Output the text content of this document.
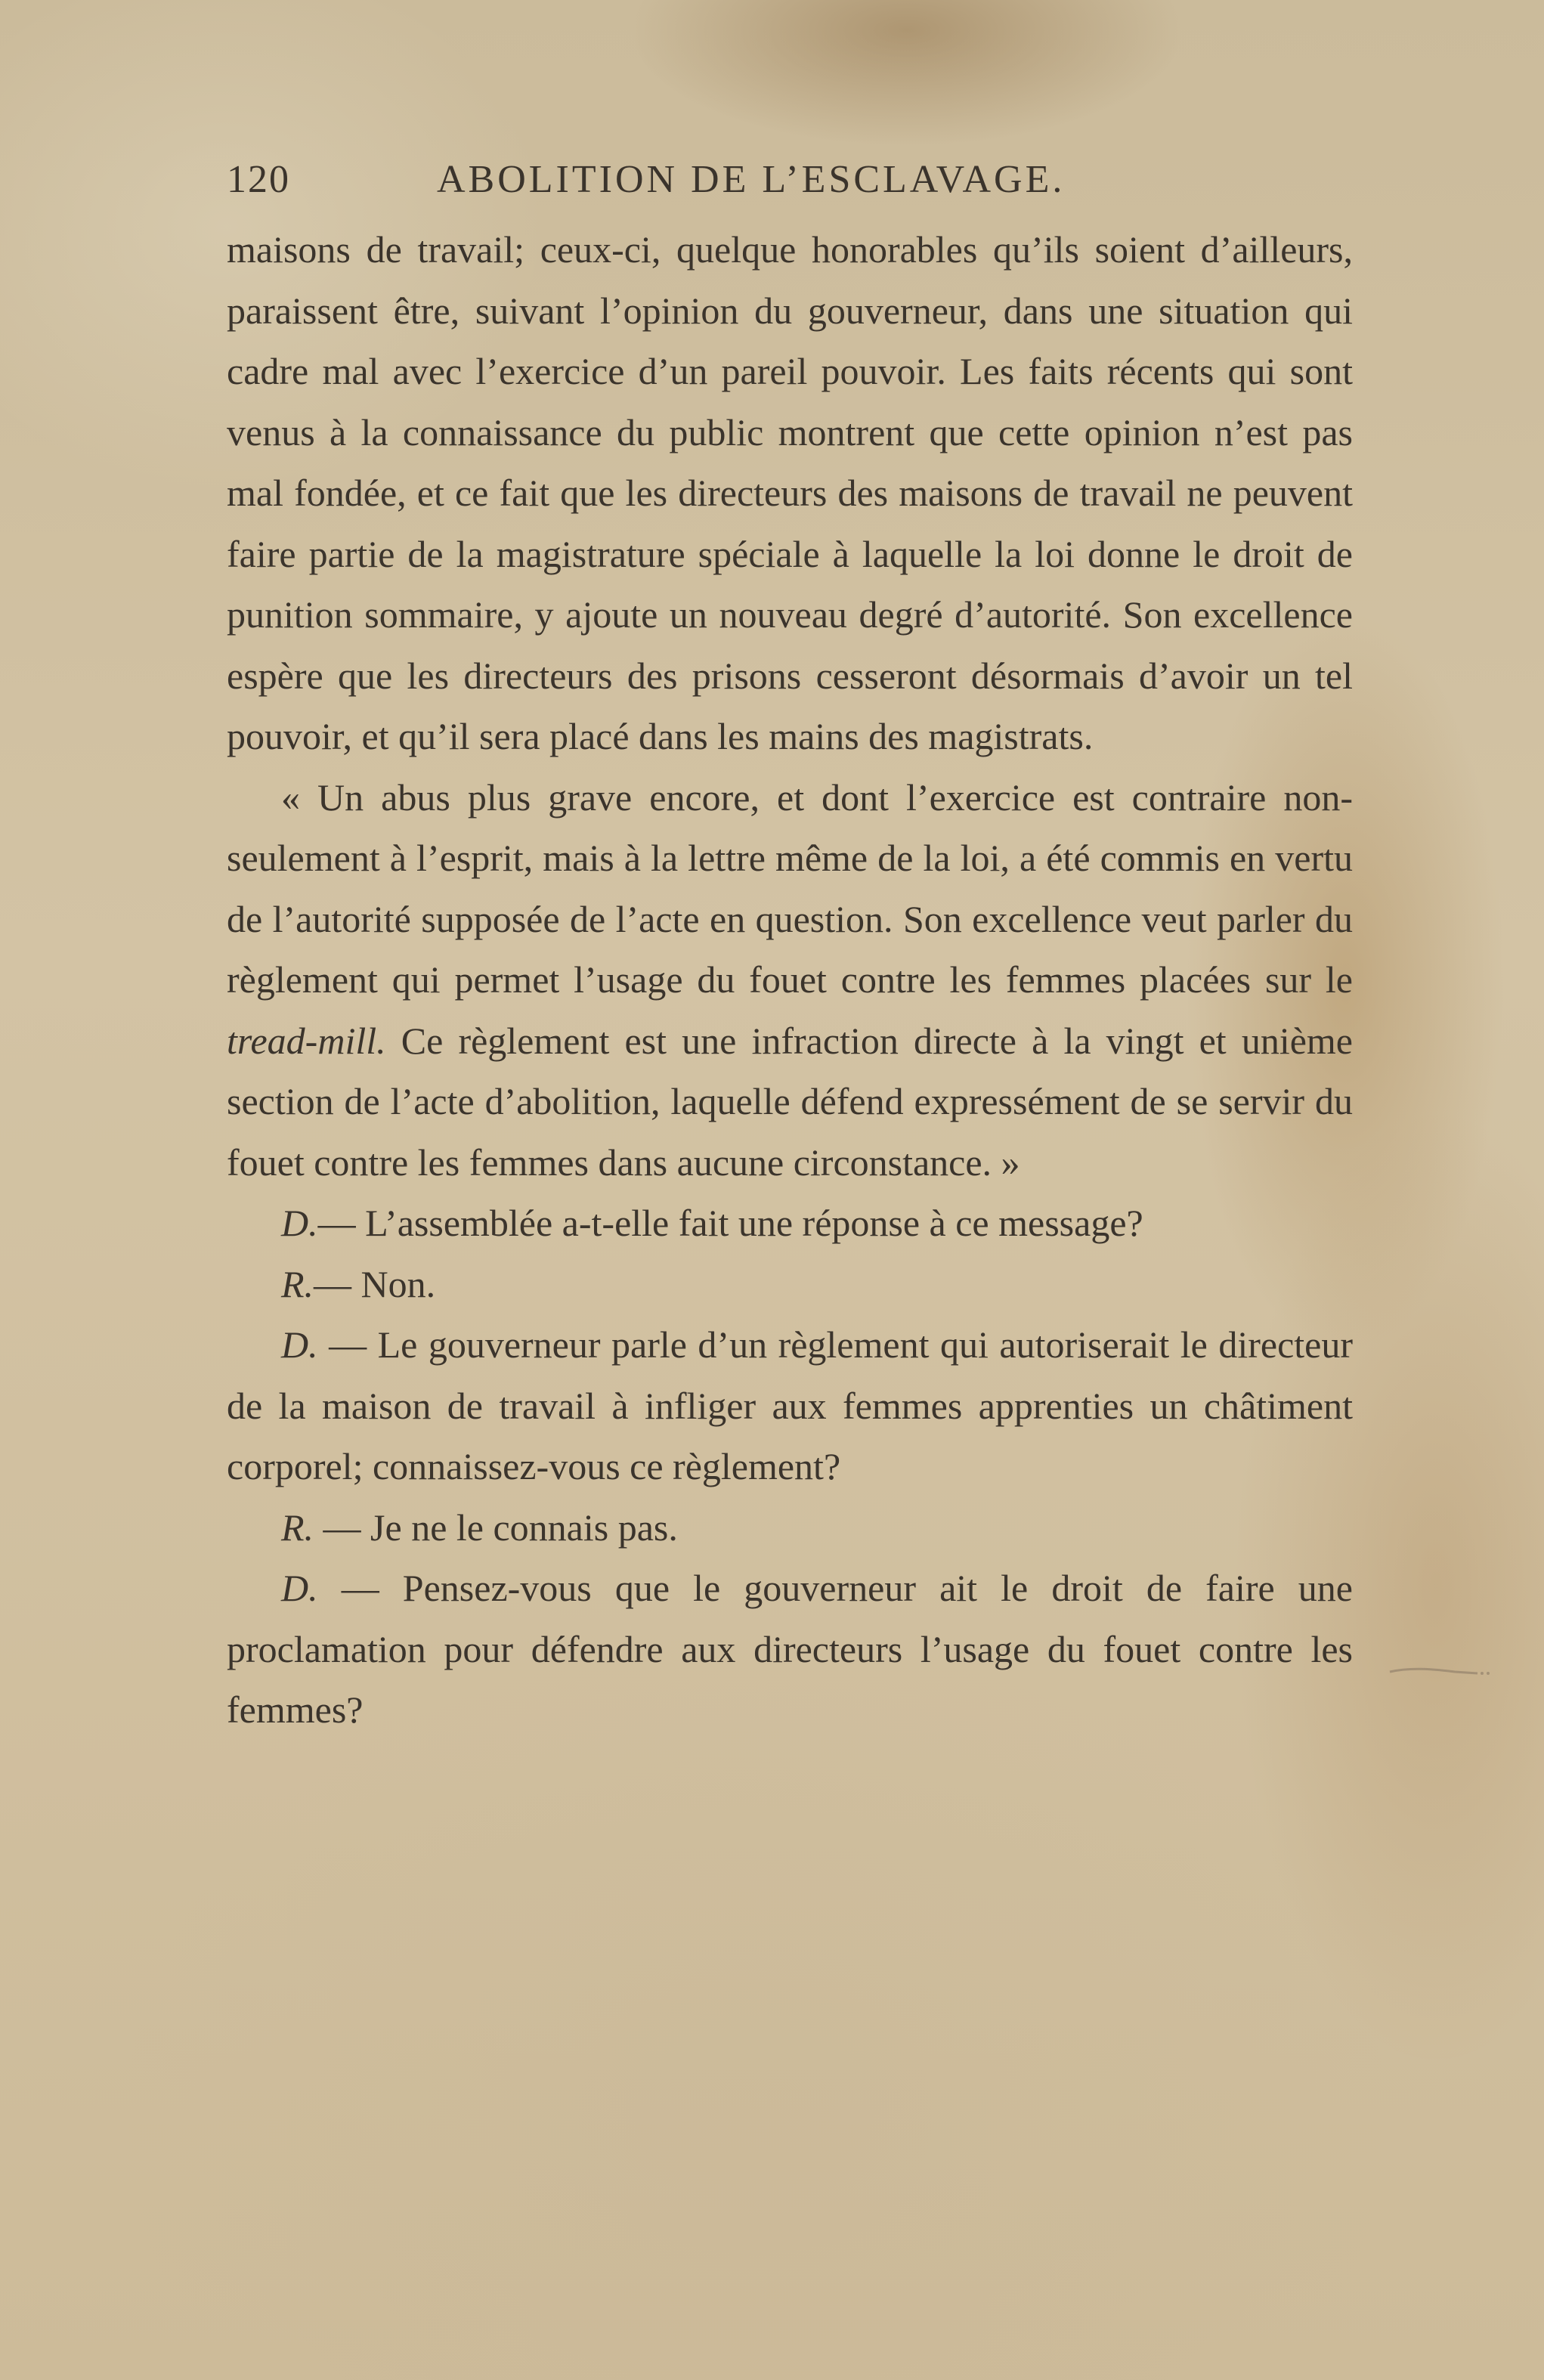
120	ABOLITION DE L’ESCLAVAGE.

maisons de travail; ceux-ci, quelque honorables qu’ils soient d’ailleurs, paraissent être, suivant l’opinion du gouverneur, dans une situation qui cadre mal avec l’exercice d’un pareil pouvoir. Les faits récents qui sont venus à la connaissance du public montrent que cette opinion n’est pas mal fondée, et ce fait que les directeurs des maisons de travail ne peuvent faire partie de la magistrature spéciale à laquelle la loi donne le droit de punition sommaire, y ajoute un nouveau degré d’autorité. Son excellence espère que les directeurs des prisons cesseront désormais d’avoir un tel pouvoir, et qu’il sera placé dans les mains des magistrats.

« Un abus plus grave encore, et dont l’exercice est contraire non-seulement à l’esprit, mais à la lettre même de la loi, a été commis en vertu de l’autorité supposée de l’acte en question. Son excellence veut parler du règlement qui permet l’usage du fouet contre les femmes placées sur le tread-mill. Ce règlement est une infraction directe à la vingt et unième section de l’acte d’abolition, laquelle défend expressément de se servir du fouet contre les femmes dans aucune circonstance. »

D.— L’assemblée a-t-elle fait une réponse à ce message?

R.— Non.

D. — Le gouverneur parle d’un règlement qui autoriserait le directeur de la maison de travail à infliger aux femmes apprenties un châtiment corporel; connaissez-vous ce règlement?

R. — Je ne le connais pas.

D. — Pensez-vous que le gouverneur ait le droit de faire une proclamation pour défendre aux directeurs l’usage du fouet contre les femmes?
